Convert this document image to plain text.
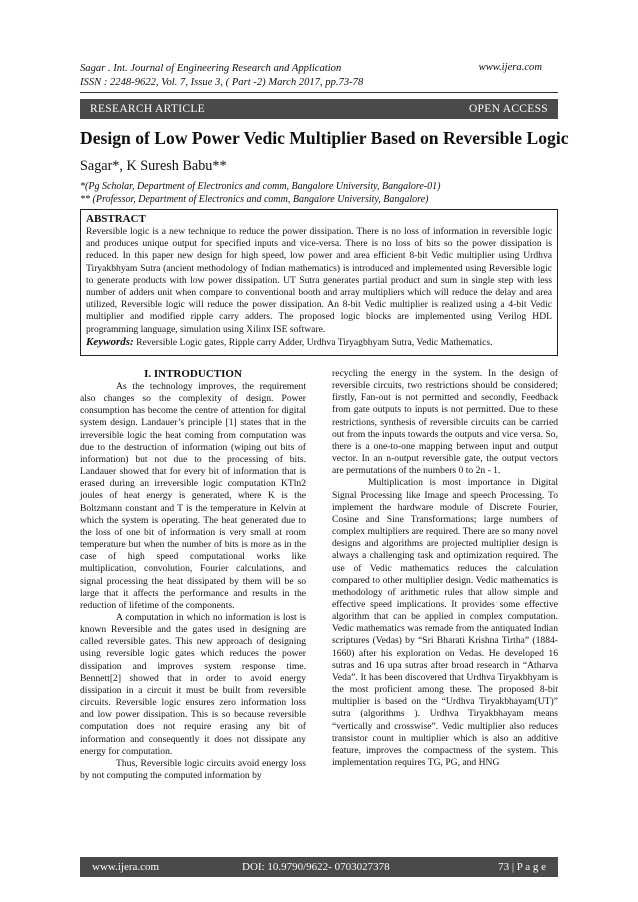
Sagar . Int. Journal of Engineering Research and Application
ISSN : 2248-9622, Vol. 7, Issue 3, ( Part -2) March 2017, pp.73-78
www.ijera.com
RESEARCH ARTICLE	OPEN ACCESS
Design of Low Power Vedic Multiplier Based on Reversible Logic
Sagar*, K Suresh Babu**
*(Pg Scholar, Department of Electronics and comm, Bangalore University, Bangalore-01)
** (Professor, Department of Electronics and comm, Bangalore University, Bangalore)
ABSTRACT

Reversible logic is a new technique to reduce the power dissipation. There is no loss of information in reversible logic and produces unique output for specified inputs and vice-versa. There is no loss of bits so the power dissipation is reduced. In this paper new design for high speed, low power and area efficient 8-bit Vedic multiplier using Urdhva Tiryakbhyam Sutra (ancient methodology of Indian mathematics) is introduced and implemented using Reversible logic to generate products with low power dissipation. UT Sutra generates partial product and sum in single step with less number of adders unit when compare to conventional booth and array multipliers which will reduce the delay and area utilized, Reversible logic will reduce the power dissipation. An 8-bit Vedic multiplier is realized using a 4-bit Vedic multiplier and modified ripple carry adders. The proposed logic blocks are implemented using Verilog HDL programming language, simulation using Xilinx ISE software.
Keywords: Reversible Logic gates, Ripple carry Adder, Urdhva Tiryagbhyam Sutra, Vedic Mathematics.

I. INTRODUCTION

As the technology improves, the requirement also changes so the complexity of design. Power consumption has become the centre of attention for digital system design. Landauer’s principle [1] states that in the irreversible logic the heat coming from computation was due to the destruction of information (wiping out bits of information) but not due to the processing of bits. Landauer showed that for every bit of information that is erased during an irreversible logic computation KTln2 joules of heat energy is generated, where K is the Boltzmann constant and T is the temperature in Kelvin at which the system is operating. The heat generated due to the loss of one bit of information is very small at room temperature but when the number of bits is more as in the case of high speed computational works like multiplication, convolution, Fourier calculations, and signal processing the heat dissipated by them will be so large that it affects the performance and results in the reduction of lifetime of the components.

A computation in which no information is lost is known Reversible and the gates used in designing are called reversible gates. This new approach of designing using reversible logic gates which reduces the power dissipation and improves system response time. Bennett[2] showed that in order to avoid energy dissipation in a circuit it must be built from reversible circuits. Reversible logic ensures zero information loss and low power dissipation. This is so because reversible computation does not require erasing any bit of information and consequently it does not dissipate any energy for computation.

Thus, Reversible logic circuits avoid energy loss by not computing the computed information by

recycling the energy in the system. In the design of reversible circuits, two restrictions should be considered; firstly, Fan-out is not permitted and secondly, Feedback from gate outputs to inputs is not permitted. Due to these restrictions, synthesis of reversible circuits can be carried out from the inputs towards the outputs and vice versa. So, there is a one-to-one mapping between input and output vector. In an n-output reversible gate, the output vectors are permutations of the numbers 0 to 2n - 1.

Multiplication is most importance in Digital Signal Processing like Image and speech Processing. To implement the hardware module of Discrete Fourier, Cosine and Sine Transformations; large numbers of complex multipliers are required. There are so many novel designs and algorithms are projected multiplier design is always a challenging task and optimization required. The use of Vedic mathematics reduces the calculation compared to other multiplier design. Vedic mathematics is methodology of arithmetic rules that allow simple and effective speed implications. It provides some effective algorithm that can be applied in complex computation. Vedic mathematics was remade from the antiquated Indian scriptures (Vedas) by “Sri Bharati Krishna Tirtha” (1884-1660) after his exploration on Vedas. He developed 16 sutras and 16 upa sutras after broad research in “Atharva Veda”. It has been discovered that Urdhva Tiryakbhyam is the most proficient among these. The proposed 8-bit multiplier is based on the “Urdhva Tiryakbhayam(UT)” sutra (algorithms ). Urdhva Tiryakbhayam means “vertically and crosswise”. Vedic multiplier also reduces transistor count in multiplier which is also an additive feature, improves the compactness of the system. This implementation requires TG, PG, and HNG

www.ijera.com	DOI: 10.9790/9622- 0703027378	73 | P a g e
